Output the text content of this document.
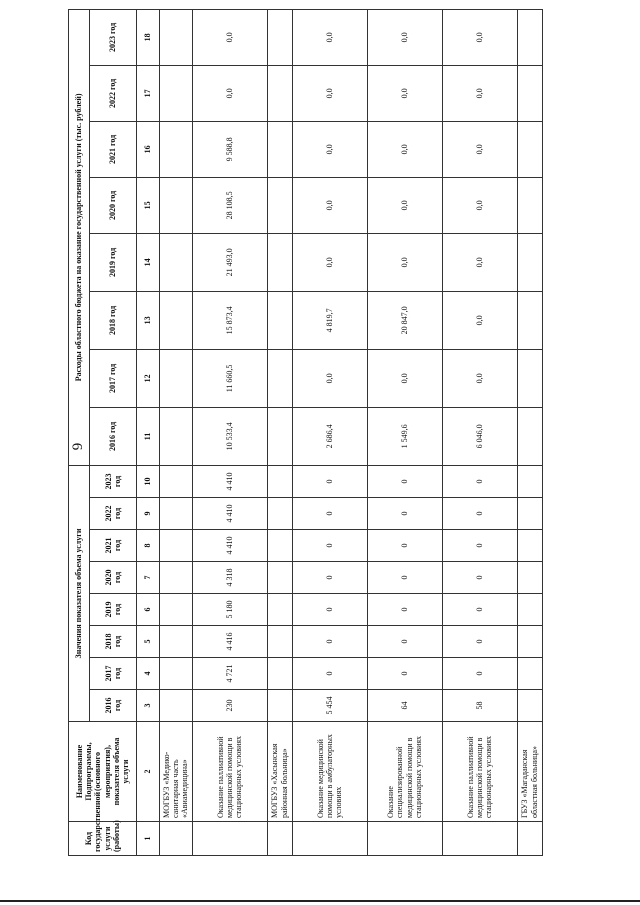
6
Код государственной услуги (работы)	Наименование Подпрограммы, (основного мероприятия), показателя объема услуги	Значения показателя объема услуги								Расходы областного бюджета на оказание государственной услуги (тыс. рублей)							
		2016 год	2017 год	2018 год	2019 год	2020 год	2021 год	2022 год	2023 год	2016 год	2017 год	2018 год	2019 год	2020 год	2021 год	2022 год	2023 год
1	2	3	4	5	6	7	8	9	10	11	12	13	14	15	16	17	18
	МОГБУЗ «Медико-санитарная часть «Авиамедицина»																
	Оказание паллиативной медицинской помощи в стационарных условиях	230	4 721	4 416	5 180	4 318	4 410	4 410	4 410	10 533,4	11 660,5	15 873,4	21 493,0	28 108,5	9 588,8	0,0	0,0
	МОГБУЗ «Хасынская районная больница»																
	Оказание медицинской помощи в амбулаторных условиях	5 454	0	0	0	0	0	0	0	2 686,4	0,0	4 819,7	0,0	0,0	0,0	0,0	0,0
	Оказание специализированной медицинской помощи в стационарных условиях	64	0	0	0	0	0	0	0	1 549,6	0,0	20 847,0	0,0	0,0	0,0	0,0	0,0
	Оказание паллиативной медицинской помощи в стационарных условиях	58	0	0	0	0	0	0	0	6 046,0	0,0	0,0	0,0	0,0	0,0	0,0	0,0
	ГБУЗ «Магаданская областная больница»																
